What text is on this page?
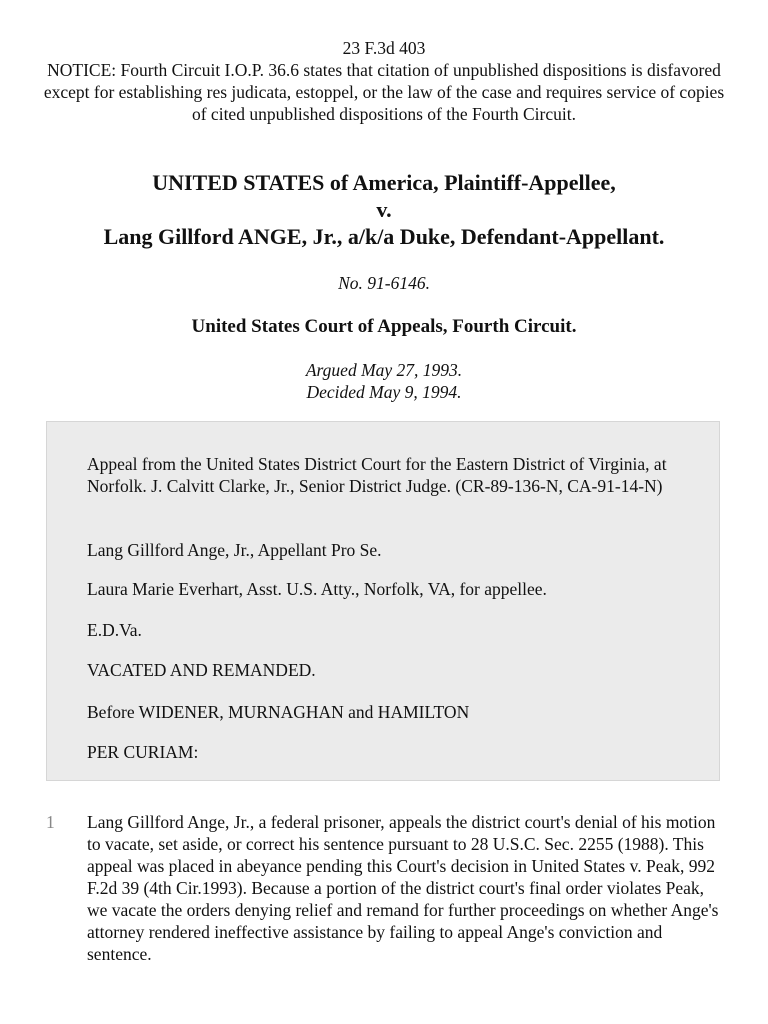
23 F.3d 403
NOTICE: Fourth Circuit I.O.P. 36.6 states that citation of unpublished dispositions is disfavored except for establishing res judicata, estoppel, or the law of the case and requires service of copies of cited unpublished dispositions of the Fourth Circuit.
UNITED STATES of America, Plaintiff-Appellee,
v.
Lang Gillford ANGE, Jr., a/k/a Duke, Defendant-Appellant.
No. 91-6146.
United States Court of Appeals, Fourth Circuit.
Argued May 27, 1993.
Decided May 9, 1994.

Appeal from the United States District Court for the Eastern District of Virginia, at Norfolk. J. Calvitt Clarke, Jr., Senior District Judge. (CR-89-136-N, CA-91-14-N)

Lang Gillford Ange, Jr., Appellant Pro Se.

Laura Marie Everhart, Asst. U.S. Atty., Norfolk, VA, for appellee.

E.D.Va.

VACATED AND REMANDED.

Before WIDENER, MURNAGHAN and HAMILTON

PER CURIAM:

1 Lang Gillford Ange, Jr., a federal prisoner, appeals the district court's denial of his motion to vacate, set aside, or correct his sentence pursuant to 28 U.S.C. Sec. 2255 (1988). This appeal was placed in abeyance pending this Court's decision in United States v. Peak, 992 F.2d 39 (4th Cir.1993). Because a portion of the district court's final order violates Peak, we vacate the orders denying relief and remand for further proceedings on whether Ange's attorney rendered ineffective assistance by failing to appeal Ange's conviction and sentence.
